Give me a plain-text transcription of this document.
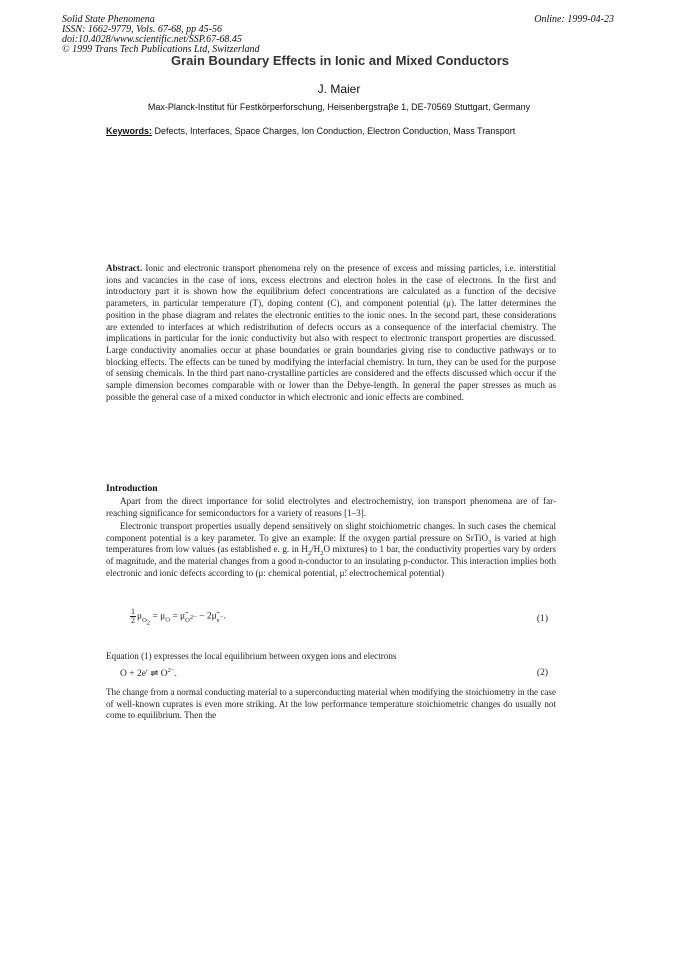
Solid State Phenomena
ISSN: 1662-9779, Vols. 67-68, pp 45-56
doi:10.4028/www.scientific.net/SSP.67-68.45
© 1999 Trans Tech Publications Ltd, Switzerland
Online: 1999-04-23
Grain Boundary Effects in Ionic and Mixed Conductors
J. Maier
Max-Planck-Institut für Festkörperforschung, Heisenbergstraβe 1, DE-70569 Stuttgart, Germany
Keywords: Defects, Interfaces, Space Charges, Ion Conduction, Electron Conduction, Mass Transport

Abstract. Ionic and electronic transport phenomena rely on the presence of excess and missing particles, i.e. interstitial ions and vacancies in the case of ions, excess electrons and electron holes in the case of electrons. In the first and introductory part it is shown how the equilibrium defect concentrations are calculated as a function of the decisive parameters, in particular temperature (T), doping content (C), and component potential (μ). The latter determines the position in the phase diagram and relates the electronic entities to the ionic ones. In the second part, these considerations are extended to interfaces at which redistribution of defects occurs as a consequence of the interfacial chemistry. The implications in particular for the ionic conductivity but also with respect to electronic transport properties are discussed. Large conductivity anomalies occur at phase boundaries or grain boundaries giving rise to conductive pathways or to blocking effects. The effects can be tuned by modifying the interfacial chemistry. In turn, they can be used for the purpose of sensing chemicals. In the third part nano-crystalline particles are considered and the effects discussed which occur if the sample dimension becomes comparable with or lower than the Debye-length. In general the paper stresses as much as possible the general case of a mixed conductor in which electronic and ionic effects are combined.

Introduction

Apart from the direct importance for solid electrolytes and electrochemistry, ion transport phenomena are of far-reaching significance for semiconductors for a variety of reasons [1–3].

Electronic transport properties usually depend sensitively on slight stoichiometric changes. In such cases the chemical component potential is a key parameter. To give an example: If the oxygen partial pressure on SrTiO$_3$ is varied at high temperatures from low values (as established e. g. in $H_2/H_2O$ mixtures) to 1 bar, the conductivity properties vary by orders of magnitude, and the material changes from a good n-conductor to an insulating p-conductor. This interaction implies both electronic and ionic defects according to (μ: chemical potential, μ̃: electrochemical potential)

$\frac{1}{2} \mu_{O_2} = \mu_O$ = $\mũ_{O^{2-}}$ − $2\mũ_{e^-}$.	(1)

Equation (1) expresses the local equilibrium between oxygen ions and electrons

O + 2e′ ⇌ $O^{2-}$.	(2)

The change from a normal conducting material to a superconducting material when modifying the stoichiometry in the case of well-known cuprates is even more striking. At the low performance temperature stoichiometric changes do usually not come to equilibrium. Then the
